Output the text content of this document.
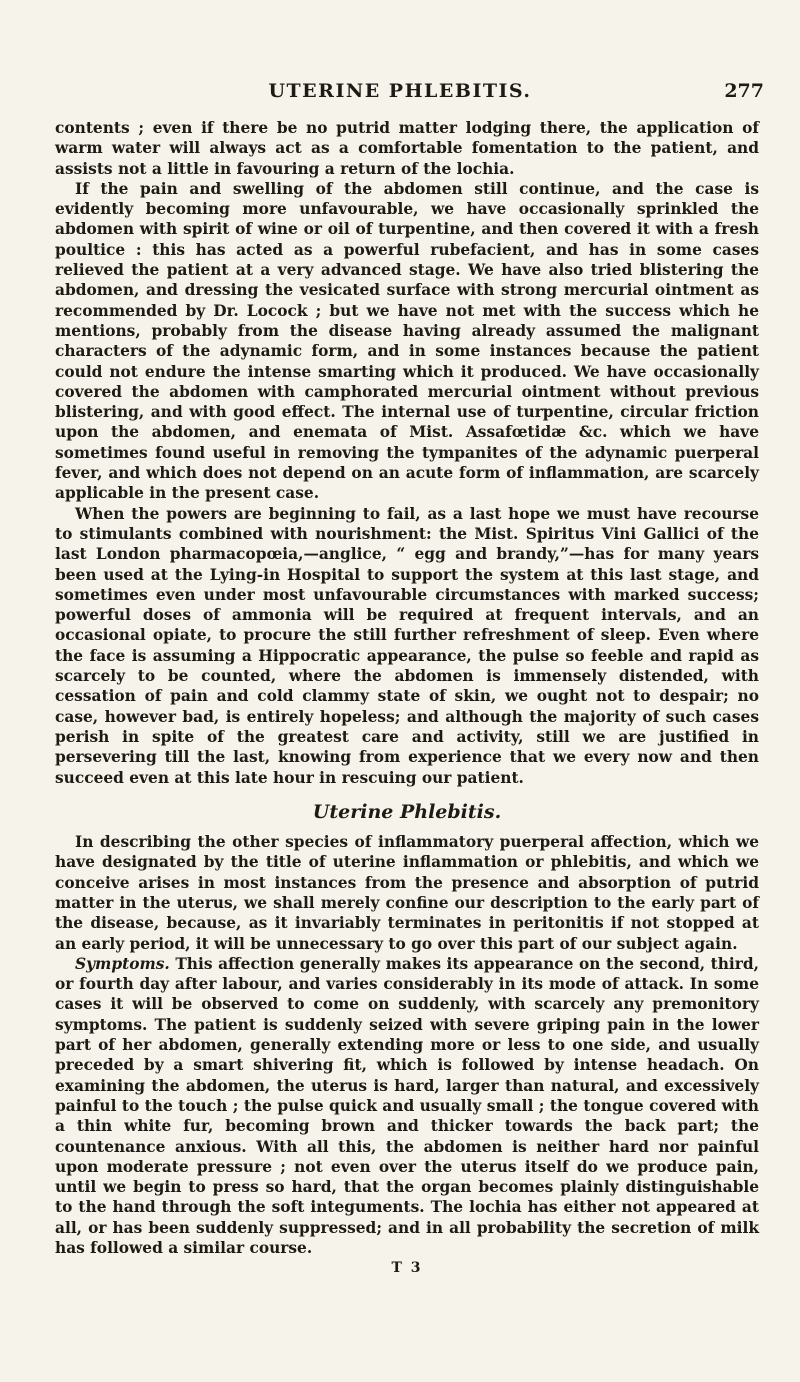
UTERINE PHLEBITIS.	277

contents ; even if there be no putrid matter lodging there, the application of warm water will always act as a comfortable fomentation to the patient, and assists not a little in favouring a return of the lochia.

If the pain and swelling of the abdomen still continue, and the case is evidently becoming more unfavourable, we have occasionally sprinkled the abdomen with spirit of wine or oil of turpentine, and then covered it with a fresh poultice : this has acted as a powerful rubefacient, and has in some cases relieved the patient at a very advanced stage. We have also tried blistering the abdomen, and dressing the vesicated surface with strong mercurial ointment as recommended by Dr. Locock ; but we have not met with the success which he mentions, probably from the disease having already assumed the malignant characters of the adynamic form, and in some instances because the patient could not endure the intense smarting which it produced. We have occasionally covered the abdomen with camphorated mercurial ointment without previous blistering, and with good effect. The internal use of turpentine, circular friction upon the abdomen, and enemata of Mist. Assafœtidæ &c. which we have sometimes found useful in removing the tympanites of the adynamic puerperal fever, and which does not depend on an acute form of inflammation, are scarcely applicable in the present case.

When the powers are beginning to fail, as a last hope we must have recourse to stimulants combined with nourishment: the Mist. Spiritus Vini Gallici of the last London pharmacopœia,—anglice, “ egg and brandy,”—has for many years been used at the Lying-in Hospital to support the system at this last stage, and sometimes even under most unfavourable circumstances with marked success; powerful doses of ammonia will be required at frequent intervals, and an occasional opiate, to procure the still further refreshment of sleep. Even where the face is assuming a Hippocratic appearance, the pulse so feeble and rapid as scarcely to be counted, where the abdomen is immensely distended, with cessation of pain and cold clammy state of skin, we ought not to despair; no case, however bad, is entirely hopeless; and although the majority of such cases perish in spite of the greatest care and activity, still we are justified in persevering till the last, knowing from experience that we every now and then succeed even at this late hour in rescuing our patient.

Uterine Phlebitis.

In describing the other species of inflammatory puerperal affection, which we have designated by the title of uterine inflammation or phlebitis, and which we conceive arises in most instances from the presence and absorption of putrid matter in the uterus, we shall merely confine our description to the early part of the disease, because, as it invariably terminates in peritonitis if not stopped at an early period, it will be unnecessary to go over this part of our subject again.

Symptoms. This affection generally makes its appearance on the second, third, or fourth day after labour, and varies considerably in its mode of attack. In some cases it will be observed to come on suddenly, with scarcely any premonitory symptoms. The patient is suddenly seized with severe griping pain in the lower part of her abdomen, generally extending more or less to one side, and usually preceded by a smart shivering fit, which is followed by intense headach. On examining the abdomen, the uterus is hard, larger than natural, and excessively painful to the touch ; the pulse quick and usually small ; the tongue covered with a thin white fur, becoming brown and thicker towards the back part; the countenance anxious. With all this, the abdomen is neither hard nor painful upon moderate pressure ; not even over the uterus itself do we produce pain, until we begin to press so hard, that the organ becomes plainly distinguishable to the hand through the soft integuments. The lochia has either not appeared at all, or has been suddenly suppressed; and in all probability the secretion of milk has followed a similar course.

T 3
